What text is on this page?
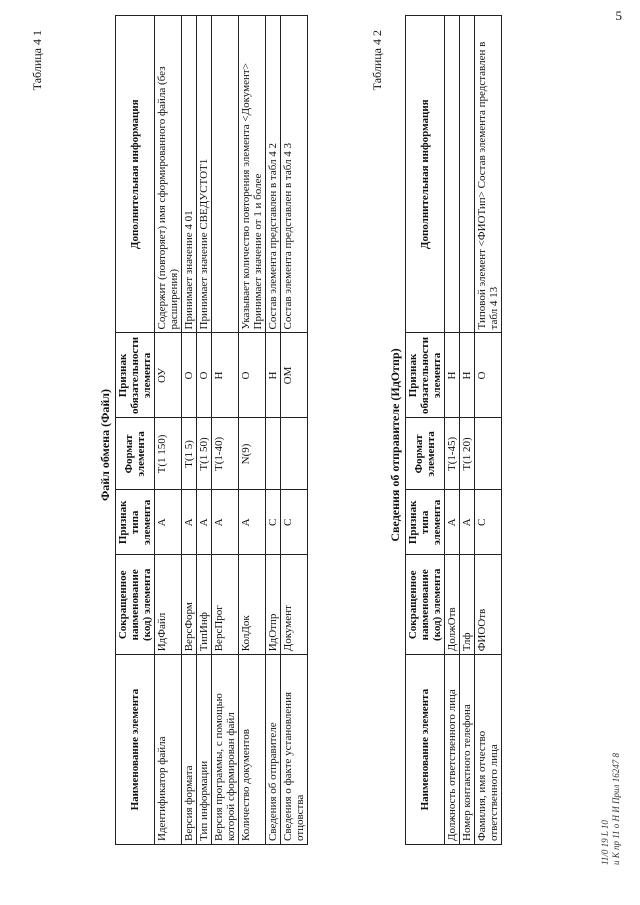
5
Таблица 4 1
Файл обмена (Файл)
Наименование элемента	Сокращенное наименование (код) элемента	Признак типа элемента	Формат элемента	Признак обязательности элемента	Дополнительная информация
Идентификатор файла	ИдФайл	А	Т(1 150)	ОУ	Содержит (повторяет) имя сформированного файла (без расширения)
Версия формата	ВерсФорм	А	Т(1 5)	О	Принимает значение 4 01
Тип информации	ТипИнф	А	Т(1 50)	О	Принимает значение СВЕДУСТОТ1
Версия программы, с помощью которой сформирован файл	ВерсПрог	А	Т(1-40)	Н	
Количество документов	КолДок	А	N(9)	О	Указывает количество повторения элемента <Документ> Принимает значение от 1 и более
Сведения об отправителе	ИдОтпр	С		Н	Состав элемента представлен в табл 4 2
Сведения о факте установления отцовства	Документ	С		ОМ	Состав элемента представлен в табл 4 3
Таблица 4 2
Сведения об отправителе (ИдОтпр)
Наименование элемента	Сокращенное наименование (код) элемента	Признак типа элемента	Формат элемента	Признак обязательности элемента	Дополнительная информация
Должность ответственного лица	ДолжОтв	А	Т(1-45)	Н	
Номер контактного телефона	Тлф	А	Т(1 20)	Н	
Фамилия, имя отчество ответственного лица	ФИООтв	С		О	Типовой элемент <ФИОТип> Состав элемента представлен в табл 4 13
11/0 19 L 10 и К пр 11 о Н И Прил 16247 8
